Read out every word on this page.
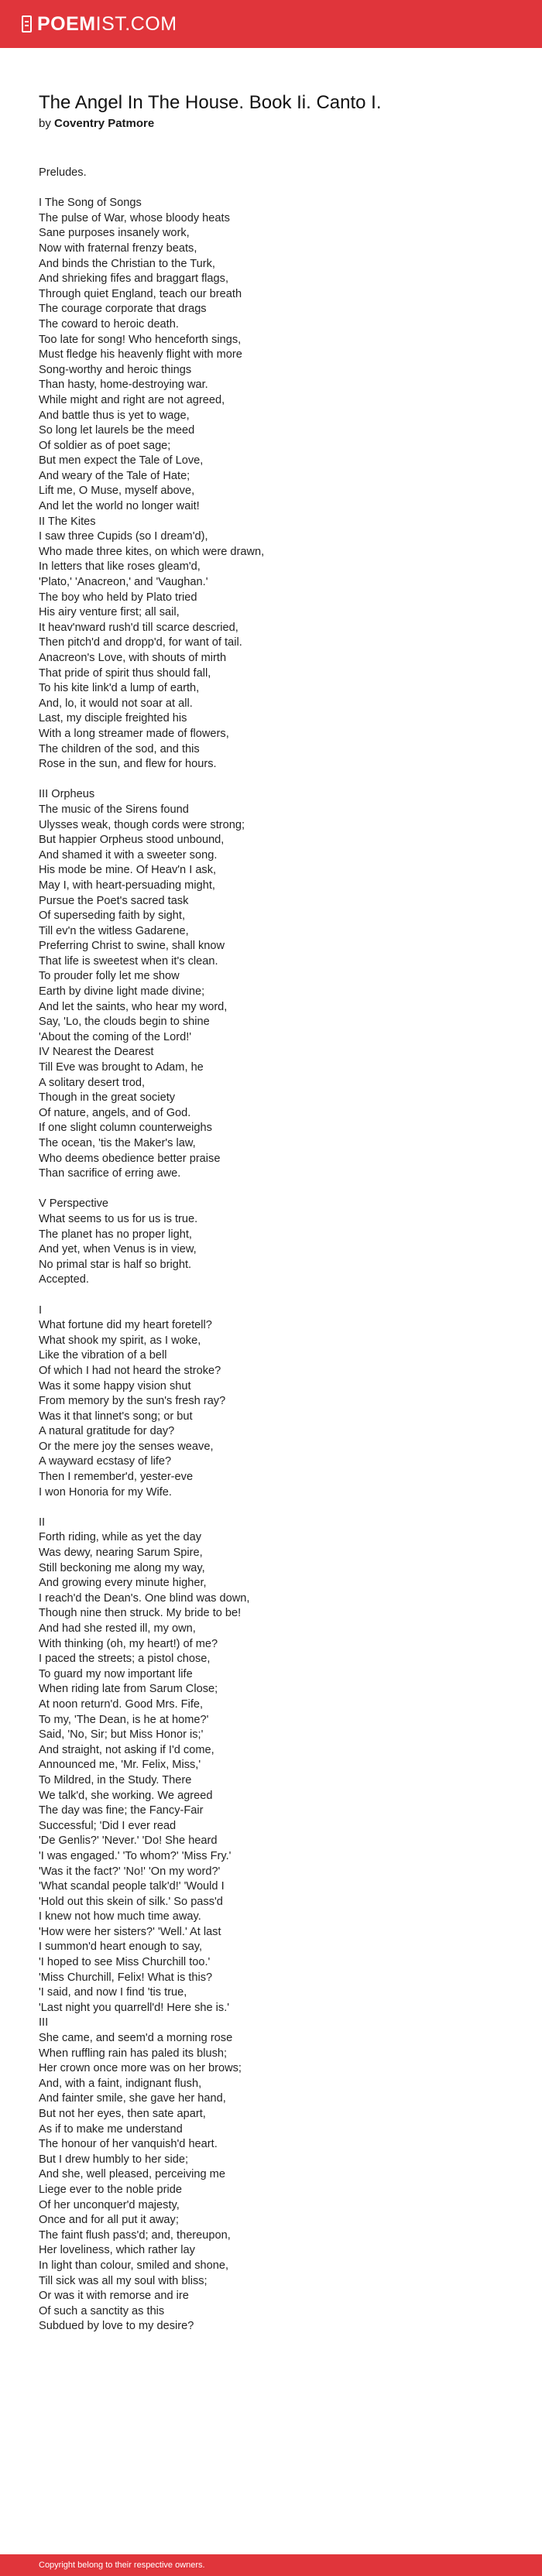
POEM IST.COM
The Angel In The House. Book Ii. Canto I.
by Coventry Patmore
Preludes.
I The Song of Songs
The pulse of War, whose bloody heats
Sane purposes insanely work,
Now with fraternal frenzy beats,
And binds the Christian to the Turk,
And shrieking fifes and braggart flags,
Through quiet England, teach our breath
The courage corporate that drags
The coward to heroic death.
Too late for song! Who henceforth sings,
Must fledge his heavenly flight with more
Song-worthy and heroic things
Than hasty, home-destroying war.
While might and right are not agreed,
And battle thus is yet to wage,
So long let laurels be the meed
Of soldier as of poet sage;
But men expect the Tale of Love,
And weary of the Tale of Hate;
Lift me, O Muse, myself above,
And let the world no longer wait!
II The Kites
I saw three Cupids (so I dream'd),
Who made three kites, on which were drawn,
In letters that like roses gleam'd,
'Plato,' 'Anacreon,' and 'Vaughan.'
The boy who held by Plato tried
His airy venture first; all sail,
It heav'nward rush'd till scarce descried,
Then pitch'd and dropp'd, for want of tail.
Anacreon's Love, with shouts of mirth
That pride of spirit thus should fall,
To his kite link'd a lump of earth,
And, lo, it would not soar at all.
Last, my disciple freighted his
With a long streamer made of flowers,
The children of the sod, and this
Rose in the sun, and flew for hours.
III Orpheus
The music of the Sirens found
Ulysses weak, though cords were strong;
But happier Orpheus stood unbound,
And shamed it with a sweeter song.
His mode be mine. Of Heav'n I ask,
May I, with heart-persuading might,
Pursue the Poet's sacred task
Of superseding faith by sight,
Till ev'n the witless Gadarene,
Preferring Christ to swine, shall know
That life is sweetest when it's clean.
To prouder folly let me show
Earth by divine light made divine;
And let the saints, who hear my word,
Say, 'Lo, the clouds begin to shine
'About the coming of the Lord!'
IV Nearest the Dearest
Till Eve was brought to Adam, he
A solitary desert trod,
Though in the great society
Of nature, angels, and of God.
If one slight column counterweighs
The ocean, 'tis the Maker's law,
Who deems obedience better praise
Than sacrifice of erring awe.
V Perspective
What seems to us for us is true.
The planet has no proper light,
And yet, when Venus is in view,
No primal star is half so bright.
Accepted.
I
What fortune did my heart foretell?
What shook my spirit, as I woke,
Like the vibration of a bell
Of which I had not heard the stroke?
Was it some happy vision shut
From memory by the sun's fresh ray?
Was it that linnet's song; or but
A natural gratitude for day?
Or the mere joy the senses weave,
A wayward ecstasy of life?
Then I remember'd, yester-eve
I won Honoria for my Wife.
II
Forth riding, while as yet the day
Was dewy, nearing Sarum Spire,
Still beckoning me along my way,
And growing every minute higher,
I reach'd the Dean's. One blind was down,
Though nine then struck. My bride to be!
And had she rested ill, my own,
With thinking (oh, my heart!) of me?
I paced the streets; a pistol chose,
To guard my now important life
When riding late from Sarum Close;
At noon return'd. Good Mrs. Fife,
To my, 'The Dean, is he at home?'
Said, 'No, Sir; but Miss Honor is;'
And straight, not asking if I'd come,
Announced me, 'Mr. Felix, Miss,'
To Mildred, in the Study. There
We talk'd, she working. We agreed
The day was fine; the Fancy-Fair
Successful; 'Did I ever read
'De Genlis?' 'Never.' 'Do! She heard
'I was engaged.' 'To whom?' 'Miss Fry.'
'Was it the fact?' 'No!' 'On my word?'
'What scandal people talk'd!' 'Would I
'Hold out this skein of silk.' So pass'd
I knew not how much time away.
'How were her sisters?' 'Well.' At last
I summon'd heart enough to say,
'I hoped to see Miss Churchill too.'
'Miss Churchill, Felix! What is this?
'I said, and now I find 'tis true,
'Last night you quarrell'd! Here she is.'
III
She came, and seem'd a morning rose
When ruffling rain has paled its blush;
Her crown once more was on her brows;
And, with a faint, indignant flush,
And fainter smile, she gave her hand,
But not her eyes, then sate apart,
As if to make me understand
The honour of her vanquish'd heart.
But I drew humbly to her side;
And she, well pleased, perceiving me
Liege ever to the noble pride
Of her unconquer'd majesty,
Once and for all put it away;
The faint flush pass'd; and, thereupon,
Her loveliness, which rather lay
In light than colour, smiled and shone,
Till sick was all my soul with bliss;
Or was it with remorse and ire
Of such a sanctity as this
Subdued by love to my desire?
Copyright belong to their respective owners.
